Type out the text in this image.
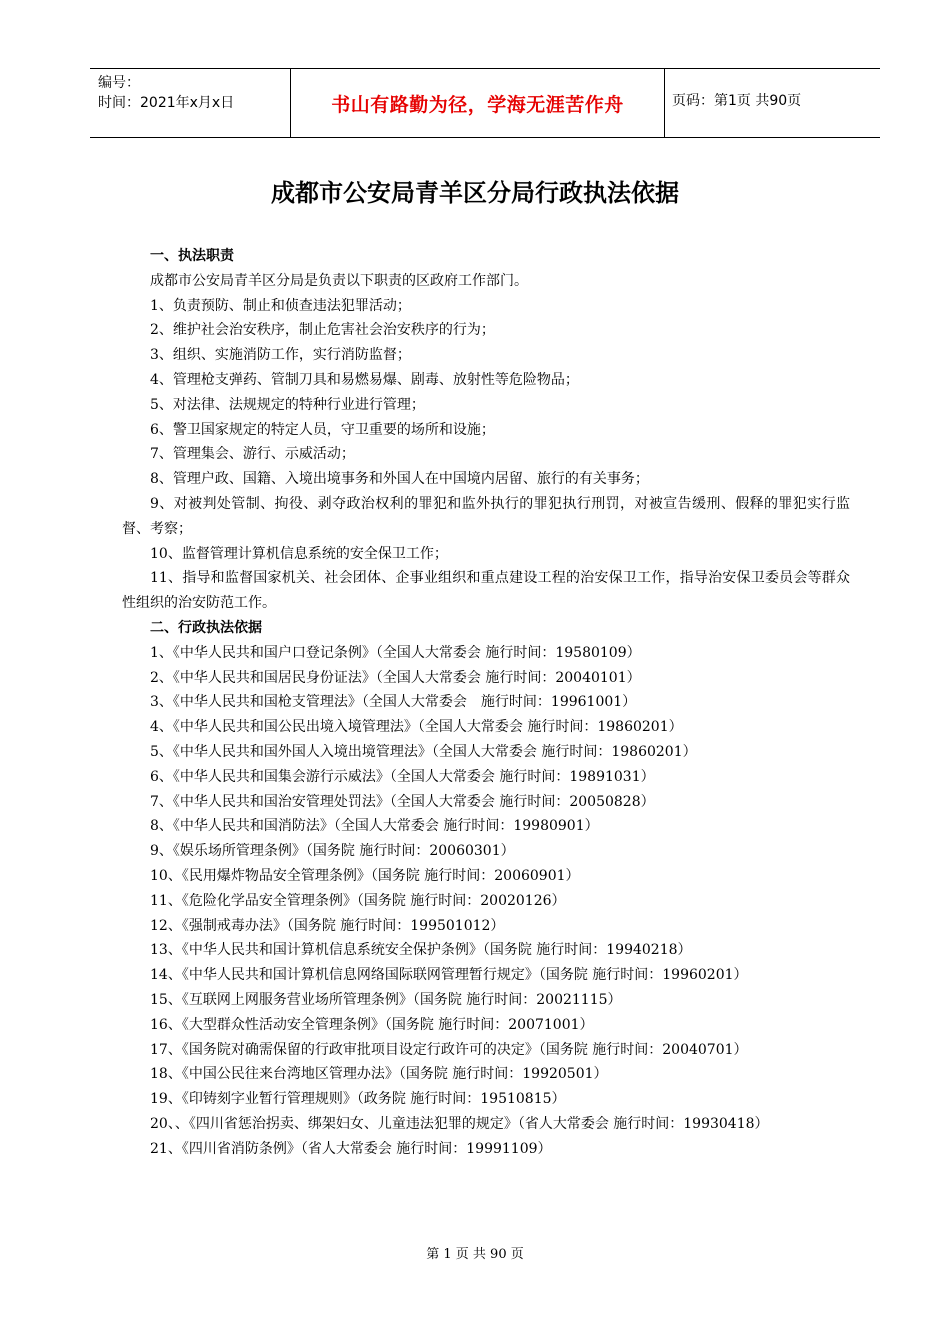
编号：
时间：2021年x月x日	书山有路勤为径，学海无涯苦作舟	页码：第1页 共90页
成都市公安局青羊区分局行政执法依据

一、执法职责

成都市公安局青羊区分局是负责以下职责的区政府工作部门。

1、负责预防、制止和侦查违法犯罪活动；

2、维护社会治安秩序，制止危害社会治安秩序的行为；

3、组织、实施消防工作，实行消防监督；

4、管理枪支弹药、管制刀具和易燃易爆、剧毒、放射性等危险物品；

5、对法律、法规规定的特种行业进行管理；

6、警卫国家规定的特定人员，守卫重要的场所和设施；

7、管理集会、游行、示威活动；

8、管理户政、国籍、入境出境事务和外国人在中国境内居留、旅行的有关事务；

9、对被判处管制、拘役、剥夺政治权利的罪犯和监外执行的罪犯执行刑罚，对被宣告缓刑、假释的罪犯实行监督、考察；

10、监督管理计算机信息系统的安全保卫工作；

11、指导和监督国家机关、社会团体、企事业组织和重点建设工程的治安保卫工作，指导治安保卫委员会等群众性组织的治安防范工作。

二、行政执法依据

1、《中华人民共和国户口登记条例》（全国人大常委会 施行时间：19580109）

2、《中华人民共和国居民身份证法》（全国人大常委会 施行时间：20040101）

3、《中华人民共和国枪支管理法》（全国人大常委会　施行时间：19961001）

4、《中华人民共和国公民出境入境管理法》（全国人大常委会 施行时间：19860201）

5、《中华人民共和国外国人入境出境管理法》（全国人大常委会 施行时间：19860201）

6、《中华人民共和国集会游行示威法》（全国人大常委会 施行时间：19891031）

7、《中华人民共和国治安管理处罚法》（全国人大常委会 施行时间：20050828）

8、《中华人民共和国消防法》（全国人大常委会 施行时间：19980901）

9、《娱乐场所管理条例》（国务院 施行时间：20060301）

10、《民用爆炸物品安全管理条例》（国务院 施行时间：20060901）

11、《危险化学品安全管理条例》（国务院 施行时间：20020126）

12、《强制戒毒办法》（国务院 施行时间：199501012）

13、《中华人民共和国计算机信息系统安全保护条例》（国务院 施行时间：19940218）

14、《中华人民共和国计算机信息网络国际联网管理暂行规定》（国务院 施行时间：19960201）

15、《互联网上网服务营业场所管理条例》（国务院 施行时间：20021115）

16、《大型群众性活动安全管理条例》（国务院 施行时间：20071001）

17、《国务院对确需保留的行政审批项目设定行政许可的决定》（国务院 施行时间：20040701）

18、《中国公民往来台湾地区管理办法》（国务院 施行时间：19920501）

19、《印铸刻字业暂行管理规则》（政务院 施行时间：19510815）

20、、《四川省惩治拐卖、绑架妇女、儿童违法犯罪的规定》（省人大常委会 施行时间：19930418）

21、《四川省消防条例》（省人大常委会 施行时间：19991109）

第 1 页 共 90 页
